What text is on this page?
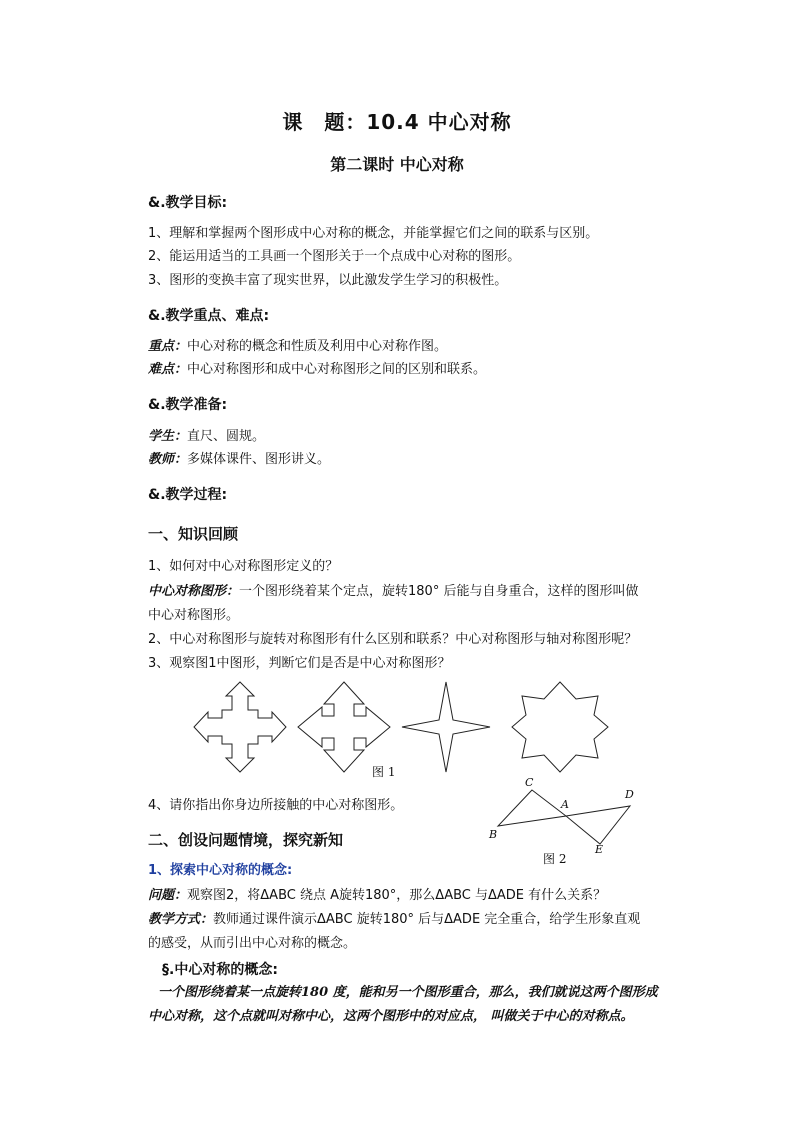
课　题：10.4 中心对称
第二课时 中心对称
&.教学目标:
1、理解和掌握两个图形成中心对称的概念，并能掌握它们之间的联系与区别。
2、能运用适当的工具画一个图形关于一个点成中心对称的图形。
3、图形的变换丰富了现实世界，以此激发学生学习的积极性。
&.教学重点、难点:
重点：中心对称的概念和性质及利用中心对称作图。
难点：中心对称图形和成中心对称图形之间的区别和联系。
&.教学准备:
学生：直尺、圆规。
教师：多媒体课件、图形讲义。
&.教学过程:
一、知识回顾
1、如何对中心对称图形定义的？
中心对称图形：一个图形绕着某个定点，旋转180° 后能与自身重合，这样的图形叫做
中心对称图形。
2、中心对称图形与旋转对称图形有什么区别和联系？中心对称图形与轴对称图形呢？
3、观察图1中图形，判断它们是否是中心对称图形？
图 1
C
A
D
B
E
图 2
4、请你指出你身边所接触的中心对称图形。
二、创设问题情境，探究新知
1、探索中心对称的概念:
问题：观察图2，将ΔABC 绕点 A旋转180°，那么ΔABC 与ΔADE 有什么关系？
教学方式：教师通过课件演示ΔABC 旋转180° 后与ΔADE 完全重合，给学生形象直观
的感受，从而引出中心对称的概念。
§.中心对称的概念:
一个图形绕着某一点旋转180 度，能和另一个图形重合，那么，我们就说这两个图形成
中心对称，这个点就叫对称中心，这两个图形中的对应点， 叫做关于中心的对称点。
